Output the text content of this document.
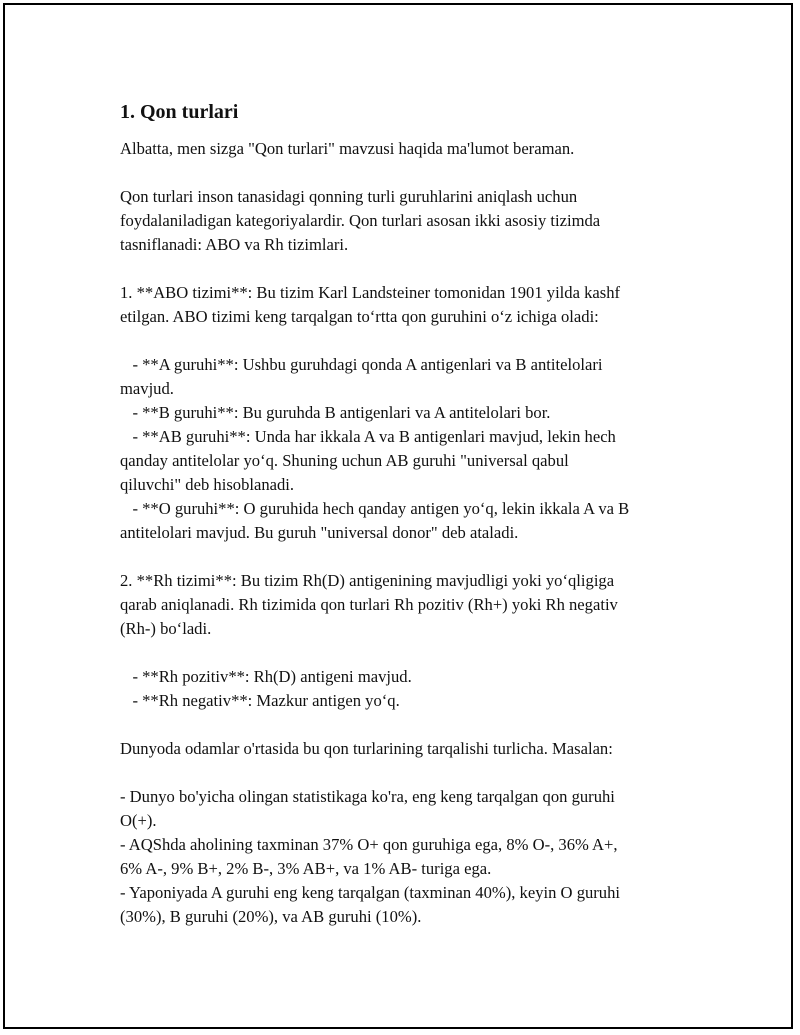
1. Qon turlari
Albatta, men sizga "Qon turlari" mavzusi haqida ma'lumot beraman.
Qon turlari inson tanasidagi qonning turli guruhlarini aniqlash uchun
foydalaniladigan kategoriyalardir. Qon turlari asosan ikki asosiy tizimda
tasniflanadi: ABO va Rh tizimlari.
1. **ABO tizimi**: Bu tizim Karl Landsteiner tomonidan 1901 yilda kashf
etilgan. ABO tizimi keng tarqalgan to‘rtta qon guruhini o‘z ichiga oladi:
- **A guruhi**: Ushbu guruhdagi qonda A antigenlari va B antitelolari
mavjud.
- **B guruhi**: Bu guruhda B antigenlari va A antitelolari bor.
- **AB guruhi**: Unda har ikkala A va B antigenlari mavjud, lekin hech
qanday antitelolar yo‘q. Shuning uchun AB guruhi "universal qabul
qiluvchi" deb hisoblanadi.
- **O guruhi**: O guruhida hech qanday antigen yo‘q, lekin ikkala A va B
antitelolari mavjud. Bu guruh "universal donor" deb ataladi.
2. **Rh tizimi**: Bu tizim Rh(D) antigenining mavjudligi yoki yo‘qligiga
qarab aniqlanadi. Rh tizimida qon turlari Rh pozitiv (Rh+) yoki Rh negativ
(Rh-) bo‘ladi.
- **Rh pozitiv**: Rh(D) antigeni mavjud.
- **Rh negativ**: Mazkur antigen yo‘q.
Dunyoda odamlar o'rtasida bu qon turlarining tarqalishi turlicha. Masalan:
- Dunyo bo'yicha olingan statistikaga ko'ra, eng keng tarqalgan qon guruhi
O(+).
- AQShda aholining taxminan 37% O+ qon guruhiga ega, 8% O-, 36% A+,
6% A-, 9% B+, 2% B-, 3% AB+, va 1% AB- turiga ega.
- Yaponiyada A guruhi eng keng tarqalgan (taxminan 40%), keyin O guruhi
(30%), B guruhi (20%), va AB guruhi (10%).
